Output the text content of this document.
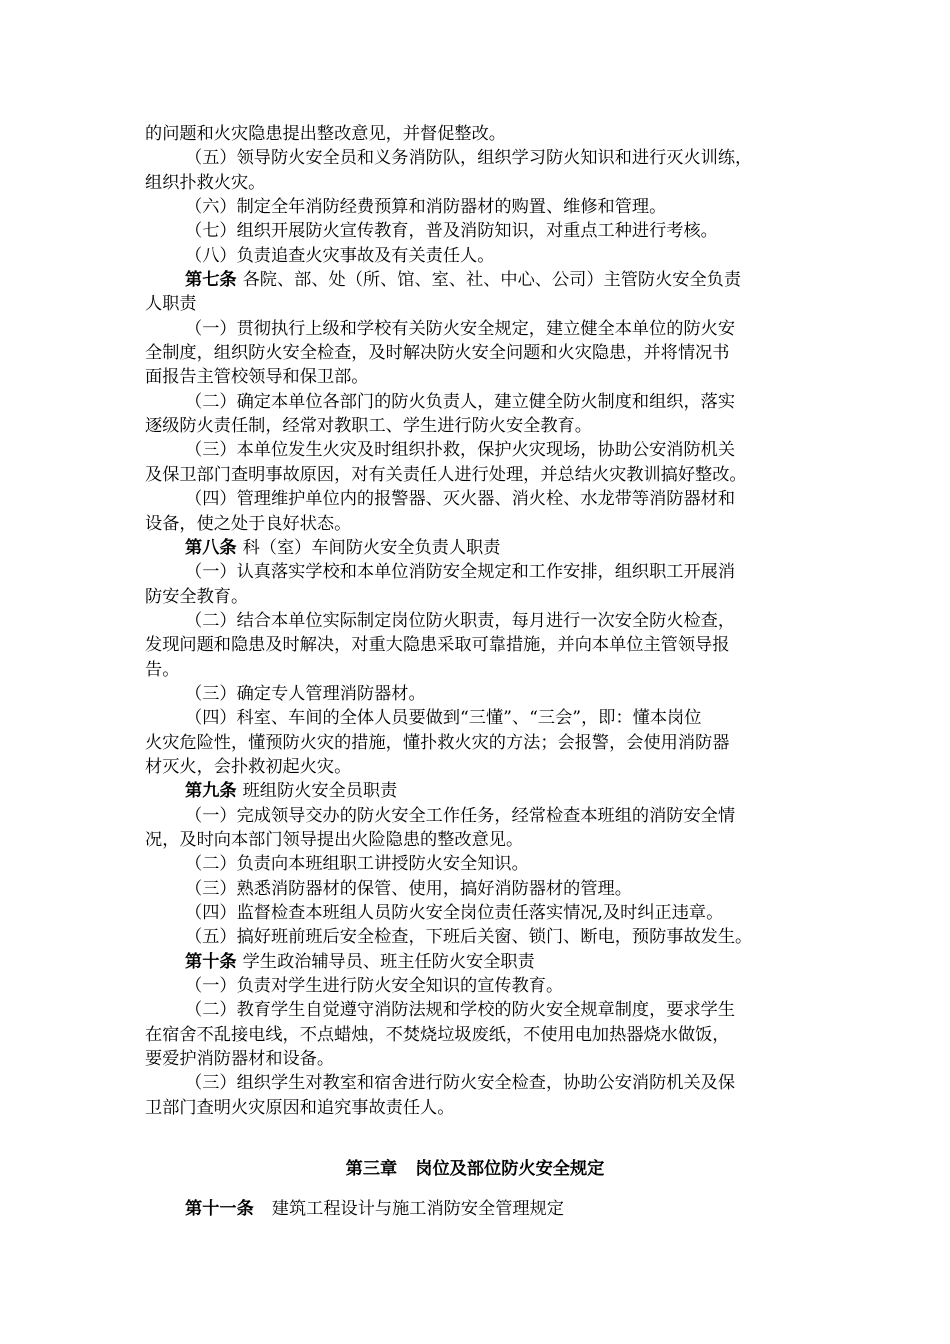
的问题和火灾隐患提出整改意见，并督促整改。
（五）领导防火安全员和义务消防队，组织学习防火知识和进行灭火训练，
组织扑救火灾。
（六）制定全年消防经费预算和消防器材的购置、维修和管理。
（七）组织开展防火宣传教育，普及消防知识，对重点工种进行考核。
（八）负责追查火灾事故及有关责任人。
第七条 各院、部、处（所、馆、室、社、中心、公司）主管防火安全负责
人职责
（一）贯彻执行上级和学校有关防火安全规定，建立健全本单位的防火安
全制度，组织防火安全检查，及时解决防火安全问题和火灾隐患，并将情况书
面报告主管校领导和保卫部。
（二）确定本单位各部门的防火负责人，建立健全防火制度和组织，落实
逐级防火责任制，经常对教职工、学生进行防火安全教育。
（三）本单位发生火灾及时组织扑救，保护火灾现场，协助公安消防机关
及保卫部门查明事故原因，对有关责任人进行处理，并总结火灾教训搞好整改。
（四）管理维护单位内的报警器、灭火器、消火栓、水龙带等消防器材和
设备，使之处于良好状态。
第八条 科（室）车间防火安全负责人职责
（一）认真落实学校和本单位消防安全规定和工作安排，组织职工开展消
防安全教育。
（二）结合本单位实际制定岗位防火职责，每月进行一次安全防火检查，
发现问题和隐患及时解决，对重大隐患采取可靠措施，并向本单位主管领导报
告。
（三）确定专人管理消防器材。
（四）科室、车间的全体人员要做到“三懂”、“三会”，即：懂本岗位
火灾危险性，懂预防火灾的措施，懂扑救火灾的方法；会报警，会使用消防器
材灭火，会扑救初起火灾。
第九条 班组防火安全员职责
（一）完成领导交办的防火安全工作任务，经常检查本班组的消防安全情
况，及时向本部门领导提出火险隐患的整改意见。
（二）负责向本班组职工讲授防火安全知识。
（三）熟悉消防器材的保管、使用，搞好消防器材的管理。
（四）监督检查本班组人员防火安全岗位责任落实情况,及时纠正违章。
（五）搞好班前班后安全检查，下班后关窗、锁门、断电，预防事故发生。
第十条 学生政治辅导员、班主任防火安全职责
（一）负责对学生进行防火安全知识的宣传教育。
（二）教育学生自觉遵守消防法规和学校的防火安全规章制度，要求学生
在宿舍不乱接电线，不点蜡烛，不焚烧垃圾废纸，不使用电加热器烧水做饭，
要爱护消防器材和设备。
（三）组织学生对教室和宿舍进行防火安全检查，协助公安消防机关及保
卫部门查明火灾原因和追究事故责任人。
第三章 岗位及部位防火安全规定
第十一条 建筑工程设计与施工消防安全管理规定
